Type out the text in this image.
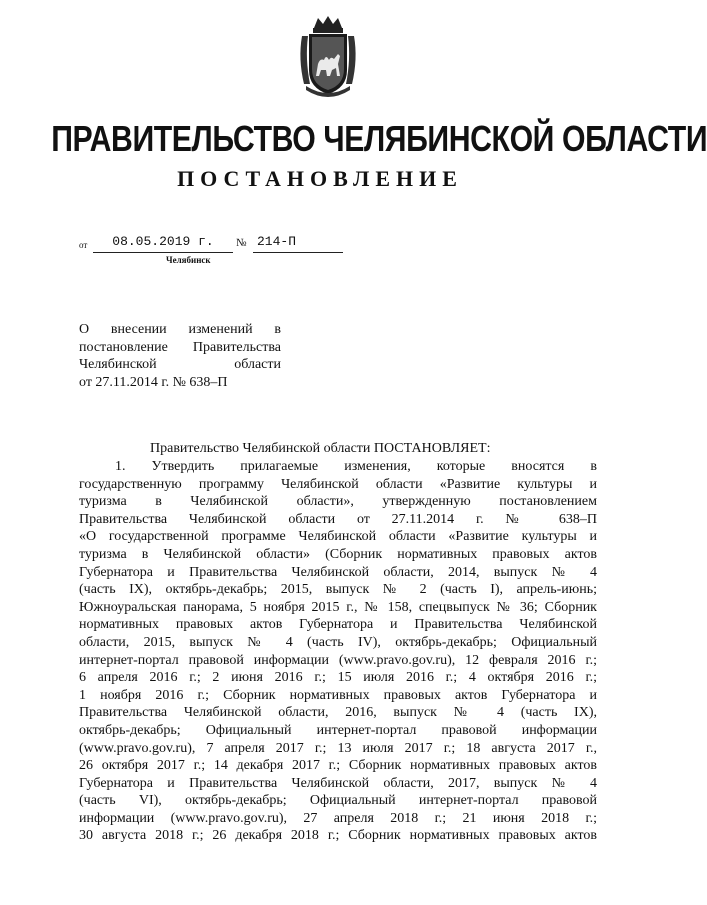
ПРАВИТЕЛЬСТВО ЧЕЛЯБИНСКОЙ ОБЛАСТИ
ПОСТАНОВЛЕНИЕ
от	08.05.2019 г.	№ 214-П
Челябинск
О внесении изменений в
постановление Правительства
Челябинской области
от 27.11.2014 г. № 638–П
Правительство Челябинской области ПОСТАНОВЛЯЕТ:
1. Утвердить прилагаемые изменения, которые вносятся в
государственную программу Челябинской области «Развитие культуры и
туризма в Челябинской области», утвержденную постановлением
Правительства Челябинской области от 27.11.2014 г. № 638–П
«О государственной программе Челябинской области «Развитие культуры и
туризма в Челябинской области» (Сборник нормативных правовых актов
Губернатора и Правительства Челябинской области, 2014, выпуск № 4
(часть IX), октябрь-декабрь; 2015, выпуск № 2 (часть I), апрель-июнь;
Южноуральская панорама, 5 ноября 2015 г., № 158, спецвыпуск № 36; Сборник
нормативных правовых актов Губернатора и Правительства Челябинской
области, 2015, выпуск № 4 (часть IV), октябрь-декабрь; Официальный
интернет-портал правовой информации (www.pravo.gov.ru), 12 февраля 2016 г.;
6 апреля 2016 г.; 2 июня 2016 г.; 15 июля 2016 г.; 4 октября 2016 г.;
1 ноября 2016 г.; Сборник нормативных правовых актов Губернатора и
Правительства Челябинской области, 2016, выпуск № 4 (часть IX),
октябрь-декабрь; Официальный интернет-портал правовой информации
(www.pravo.gov.ru), 7 апреля 2017 г.; 13 июля 2017 г.; 18 августа 2017 г.,
26 октября 2017 г.; 14 декабря 2017 г.; Сборник нормативных правовых актов
Губернатора и Правительства Челябинской области, 2017, выпуск № 4
(часть VI), октябрь-декабрь; Официальный интернет-портал правовой
информации (www.pravo.gov.ru), 27 апреля 2018 г.; 21 июня 2018 г.;
30 августа 2018 г.; 26 декабря 2018 г.; Сборник нормативных правовых актов
